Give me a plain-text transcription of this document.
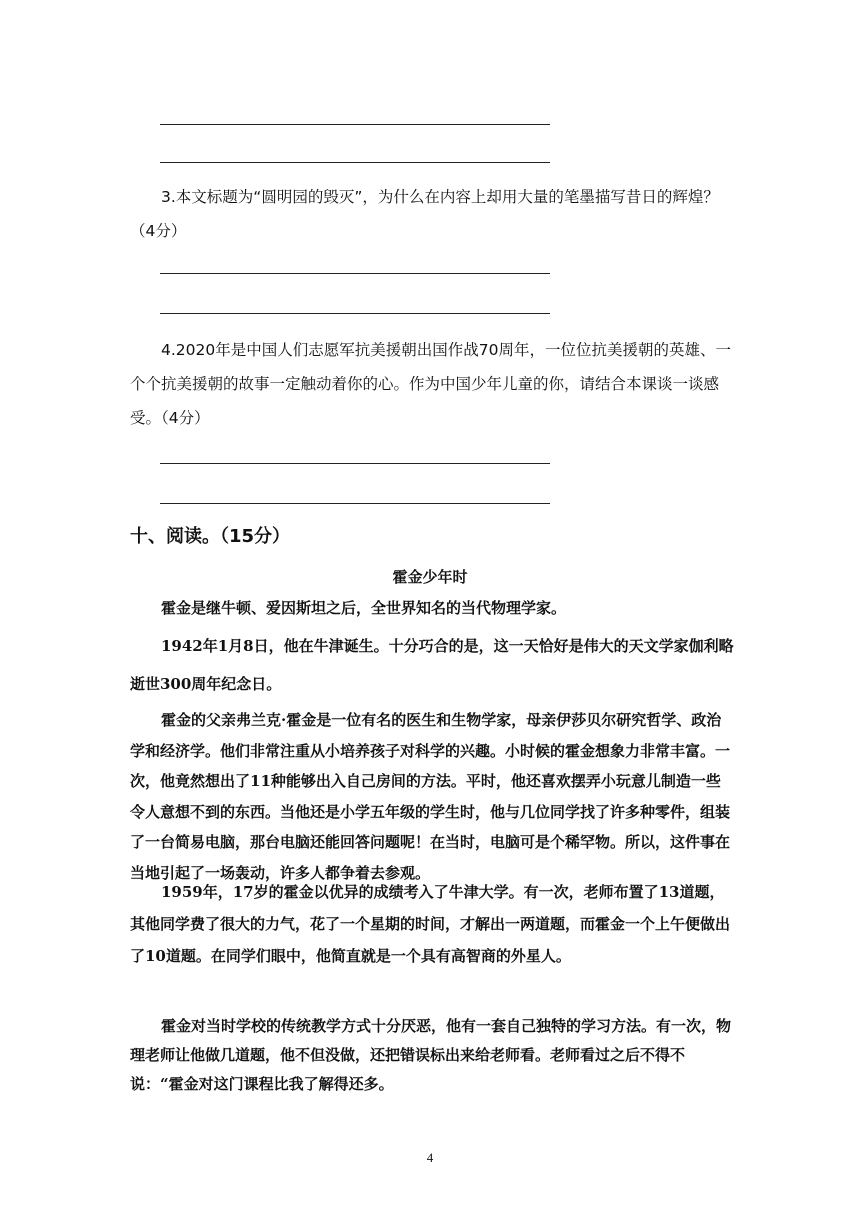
3.本文标题为“圆明园的毁灭”，为什么在内容上却用大量的笔墨描写昔日的辉煌？（4分）

4.2020年是中国人们志愿军抗美援朝出国作战70周年，一位位抗美援朝的英雄、一个个抗美援朝的故事一定触动着你的心。作为中国少年儿童的你，请结合本课谈一谈感受。（4分）

十、阅读。（15分）
霍金少年时

霍金是继牛顿、爱因斯坦之后，全世界知名的当代物理学家。

1942年1月8日，他在牛津诞生。十分巧合的是，这一天恰好是伟大的天文学家伽利略逝世300周年纪念日。

霍金的父亲弗兰克·霍金是一位有名的医生和生物学家，母亲伊莎贝尔研究哲学、政治学和经济学。他们非常注重从小培养孩子对科学的兴趣。小时候的霍金想象力非常丰富。一次，他竟然想出了11种能够出入自己房间的方法。平时，他还喜欢摆弄小玩意儿制造一些令人意想不到的东西。当他还是小学五年级的学生时，他与几位同学找了许多种零件，组装了一台简易电脑，那台电脑还能回答问题呢！在当时，电脑可是个稀罕物。所以，这件事在当地引起了一场轰动，许多人都争着去参观。

1959年，17岁的霍金以优异的成绩考入了牛津大学。有一次，老师布置了13道题，其他同学费了很大的力气，花了一个星期的时间，才解出一两道题，而霍金一个上午便做出了10道题。在同学们眼中，他简直就是一个具有高智商的外星人。

霍金对当时学校的传统教学方式十分厌恶，他有一套自己独特的学习方法。有一次，物理老师让他做几道题，他不但没做，还把错误标出来给老师看。老师看过之后不得不说：“霍金对这门课程比我了解得还多。

4
